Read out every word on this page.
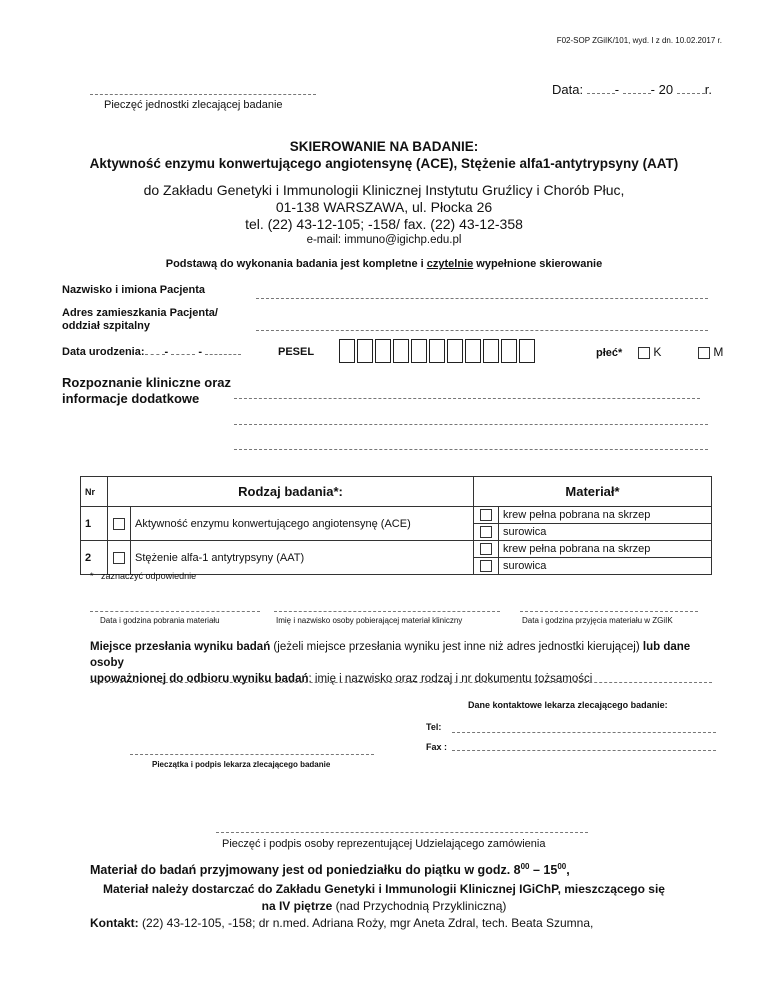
F02-SOP ZGiIK/101, wyd. I z dn. 10.02.2017 r.
Pieczęć jednostki zlecającej badanie
Data: - - 20 r.
SKIEROWANIE NA BADANIE:
Aktywność enzymu konwertującego angiotensynę (ACE), Stężenie alfa1-antytrypsyny (AAT)
do Zakładu Genetyki i Immunologii Klinicznej Instytutu Gruźlicy i Chorób Płuc,
01-138 WARSZAWA, ul. Płocka 26
tel. (22) 43-12-105; -158/ fax. (22) 43-12-358
e-mail: immuno@igichp.edu.pl
Podstawą do wykonania badania jest kompletne i czytelnie wypełnione skierowanie
Nazwisko i imiona Pacjenta
Adres zamieszkania Pacjenta/
oddział szpitalny
Data urodzenia: -	-	PESEL	płeć*	K	M
Rozpoznanie kliniczne oraz
informacje dodatkowe
Nr	Rodzaj badania*:		Materiał*	
1		Aktywność enzymu konwertującego angiotensynę (ACE)		krew pełna pobrana na skrzep
				surowica
2		Stężenie alfa-1 antytrypsyny (AAT)		krew pełna pobrana na skrzep
				surowica
* zaznaczyć odpowiednie
Data i godzina pobrania materiału	Imię i nazwisko osoby pobierającej materiał kliniczny	Data i godzina przyjęcia materiału w ZGiIK
Miejsce przesłania wyniku badań (jeżeli miejsce przesłania wyniku jest inne niż adres jednostki kierującej) lub dane osoby
upoważnionej do odbioru wyniku badań: imię i nazwisko oraz rodzaj i nr dokumentu tożsamości
Dane kontaktowe lekarza zlecającego badanie:
Tel:
Fax :
Pieczątka i podpis lekarza zlecającego badanie
Pieczęć i podpis osoby reprezentującej Udzielającego zamówienia
Materiał do badań przyjmowany jest od poniedziałku do piątku w godz. $8^{00} - 15^{00}$,
Materiał należy dostarczać do Zakładu Genetyki i Immunologii Klinicznej IGiChP, mieszczącego się
na IV piętrze (nad Przychodnią Przykliniczną)
Kontakt: (22) 43-12-105, -158; dr n.med. Adriana Roży, mgr Aneta Zdral, tech. Beata Szumna,
